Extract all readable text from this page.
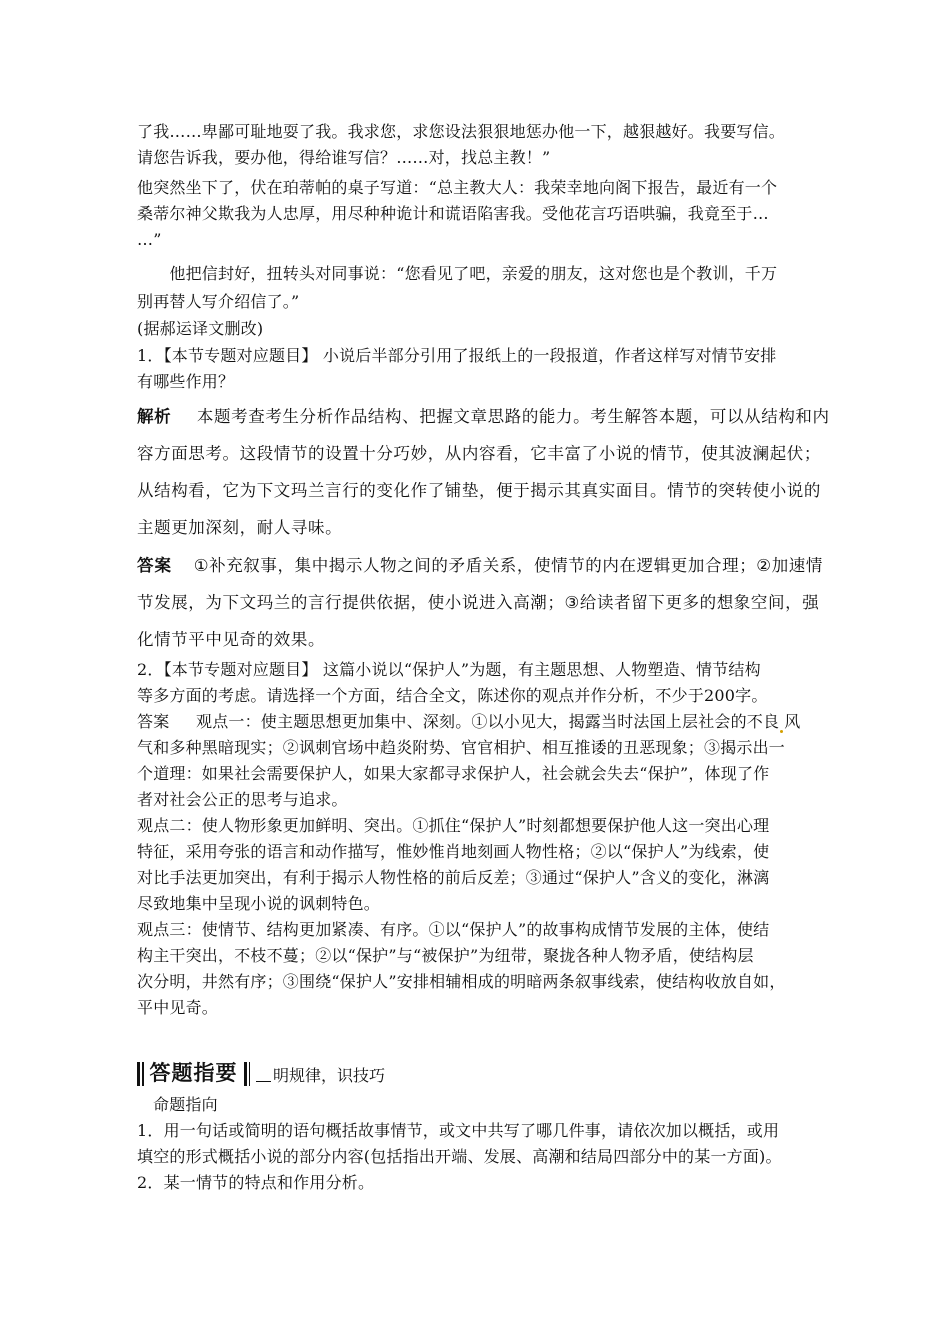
了我……卑鄙可耻地耍了我。我求您，求您设法狠狠地惩办他一下，越狠越好。我要写信。
请您告诉我，要办他，得给谁写信？……对，找总主教！”
他突然坐下了，伏在珀蒂帕的桌子写道：“总主教大人：我荣幸地向阁下报告，最近有一个
桑蒂尔神父欺我为人忠厚，用尽种种诡计和谎语陷害我。受他花言巧语哄骗，我竟至于…
…”
　　他把信封好，扭转头对同事说：“您看见了吧，亲爱的朋友，这对您也是个教训，千万
别再替人写介绍信了。”
(据郝运译文删改)
1．【本节专题对应题目】 小说后半部分引用了报纸上的一段报道，作者这样写对情节安排
有哪些作用？
解析 本题考查考生分析作品结构、把握文章思路的能力。考生解答本题，可以从结构和内
容方面思考。这段情节的设置十分巧妙，从内容看，它丰富了小说的情节，使其波澜起伏；
从结构看，它为下文玛兰言行的变化作了铺垫，便于揭示其真实面目。情节的突转使小说的
主题更加深刻，耐人寻味。
答案 ①补充叙事，集中揭示人物之间的矛盾关系，使情节的内在逻辑更加合理；②加速情
节发展，为下文玛兰的言行提供依据，使小说进入高潮；③给读者留下更多的想象空间，强
化情节平中见奇的效果。
2．【本节专题对应题目】 这篇小说以“保护人”为题，有主题思想、人物塑造、情节结构
等多方面的考虑。请选择一个方面，结合全文，陈述你的观点并作分析，不少于200字。
答案 观点一：使主题思想更加集中、深刻。①以小见大，揭露当时法国上层社会的不良 风
气和多种黑暗现实；②讽刺官场中趋炎附势、官官相护、相互推诿的丑恶现象；③揭示出一
个道理：如果社会需要保护人，如果大家都寻求保护人，社会就会失去“保护”，体现了作
者对社会公正的思考与追求。
观点二：使人物形象更加鲜明、突出。①抓住“保护人”时刻都想要保护他人这一突出心理
特征，采用夸张的语言和动作描写，惟妙惟肖地刻画人物性格；②以“保护人”为线索，使
对比手法更加突出，有利于揭示人物性格的前后反差；③通过“保护人”含义的变化，淋漓
尽致地集中呈现小说的讽刺特色。
观点三：使情节、结构更加紧凑、有序。①以“保护人”的故事构成情节发展的主体，使结
构主干突出，不枝不蔓；②以“保护”与“被保护”为纽带，聚拢各种人物矛盾，使结构层
次分明，井然有序；③围绕“保护人”安排相辅相成的明暗两条叙事线索，使结构收放自如，
平中见奇。
答题指要 明规律，识技巧
命题指向
1．用一句话或简明的语句概括故事情节，或文中共写了哪几件事，请依次加以概括，或用
填空的形式概括小说的部分内容(包括指出开端、发展、高潮和结局四部分中的某一方面)。
2．某一情节的特点和作用分析。
